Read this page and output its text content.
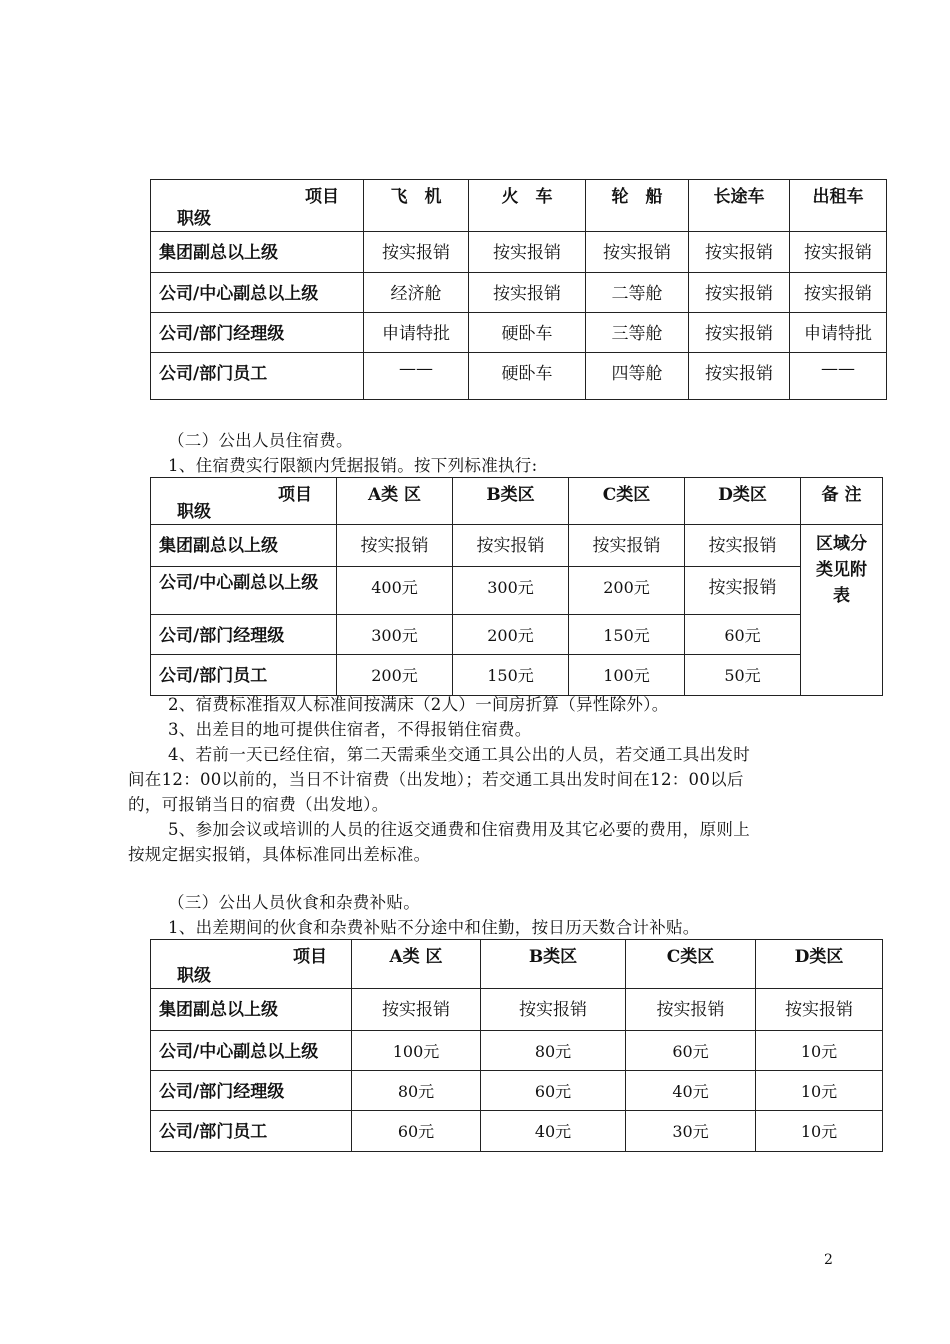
项目
职级	飞　机	火　车	轮　船	长途车	出租车
集团副总以上级	按实报销	按实报销	按实报销	按实报销	按实报销
公司/中心副总以上级	经济舱	按实报销	二等舱	按实报销	按实报销
公司/部门经理级	申请特批	硬卧车	三等舱	按实报销	申请特批
公司/部门员工	——	硬卧车	四等舱	按实报销	——
（二）公出人员住宿费。
1、住宿费实行限额内凭据报销。按下列标准执行:
项目
职级	A类 区	B类区	C类区	D类区	备 注
集团副总以上级	按实报销	按实报销	按实报销	按实报销	区域分类见附表

公司/中心副总以上级	400元	300元	200元	按实报销	
公司/部门经理级	300元	200元	150元	60元	
公司/部门员工	200元	150元	100元	50元	
2、宿费标准指双人标准间按满床（2人）一间房折算（异性除外）。
3、出差目的地可提供住宿者，不得报销住宿费。
4、若前一天已经住宿，第二天需乘坐交通工具公出的人员，若交通工具出发时
间在12：00以前的，当日不计宿费（出发地）；若交通工具出发时间在12：00以后
的，可报销当日的宿费（出发地）。
5、参加会议或培训的人员的往返交通费和住宿费用及其它必要的费用，原则上
按规定据实报销，具体标准同出差标准。
（三）公出人员伙食和杂费补贴。
1、出差期间的伙食和杂费补贴不分途中和住勤，按日历天数合计补贴。
项目
职级	A类 区	B类区	C类区	D类区
集团副总以上级	按实报销	按实报销	按实报销	按实报销
公司/中心副总以上级	100元	80元	60元	10元
公司/部门经理级	80元	60元	40元	10元
公司/部门员工	60元	40元	30元	10元
2
